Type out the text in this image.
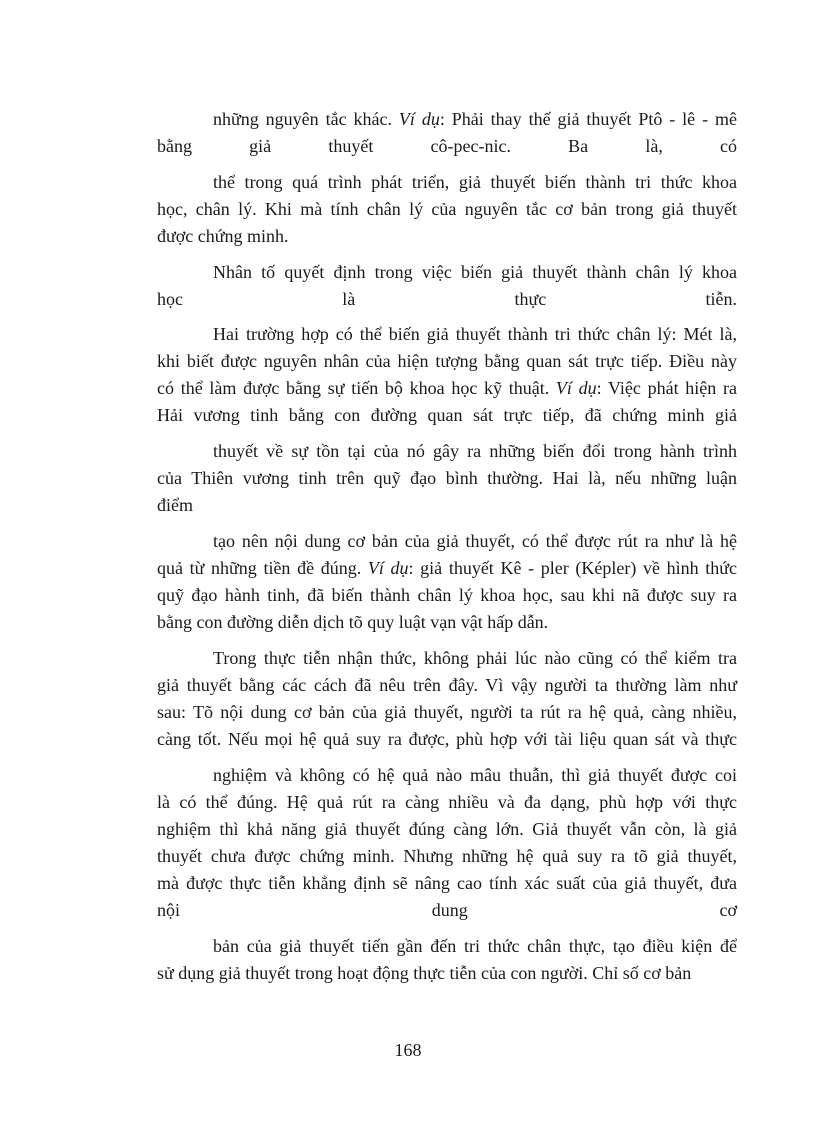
những nguyên tắc khác. Ví dụ: Phải thay thế giả thuyết Ptô - lê - mê
bằng giả thuyết cô-pec-nic. Ba là, có
thể trong quá trình phát triển, giả thuyết biến thành tri thức khoa
học, chân lý. Khi mà tính chân lý của nguyên tắc cơ bản trong giả thuyết
được chứng minh.
Nhân tố quyết định trong việc biến giả thuyết thành chân lý khoa
học là thực tiễn.
Hai trường hợp có thể biến giả thuyết thành tri thức chân lý: Mét là,
khi biết được nguyên nhân của hiện tượng bằng quan sát trực tiếp. Điều này
có thể làm được bằng sự tiến bộ khoa học kỹ thuật. Ví dụ: Việc phát hiện ra
Hải vương tinh bằng con đường quan sát trực tiếp, đã chứng minh giả
thuyết về sự tồn tại của nó gây ra những biến đổi trong hành trình
của Thiên vương tinh trên quỹ đạo bình thường. Hai là, nếu những luận
điểm
tạo nên nội dung cơ bản của giả thuyết, có thể được rút ra như là hệ
quả từ những tiền đề đúng. Ví dụ: giả thuyết Kê - pler (Képler) về hình thức
quỹ đạo hành tinh, đã biến thành chân lý khoa học, sau khi nã được suy ra
bằng con đường diễn dịch tõ quy luật vạn vật hấp dẫn.
Trong thực tiễn nhận thức, không phải lúc nào cũng có thể kiểm tra
giả thuyết bằng các cách đã nêu trên đây. Vì vậy người ta thường làm như
sau: Tõ nội dung cơ bản của giả thuyết, người ta rút ra hệ quả, càng nhiều,
càng tốt. Nếu mọi hệ quả suy ra được, phù hợp với tài liệu quan sát và thực
nghiệm và không có hệ quả nào mâu thuẫn, thì giả thuyết được coi
là có thể đúng. Hệ quả rút ra càng nhiều và đa dạng, phù hợp với thực
nghiệm thì khả năng giả thuyết đúng càng lớn. Giả thuyết vẫn còn, là giả
thuyết chưa được chứng minh. Nhưng những hệ quả suy ra tõ giả thuyết,
mà được thực tiễn khẳng định sẽ nâng cao tính xác suất của giả thuyết, đưa
nội dung cơ
bản của giả thuyết tiến gần đến tri thức chân thực, tạo điều kiện để
sử dụng giả thuyết trong hoạt động thực tiễn của con người. Chỉ số cơ bản
168
